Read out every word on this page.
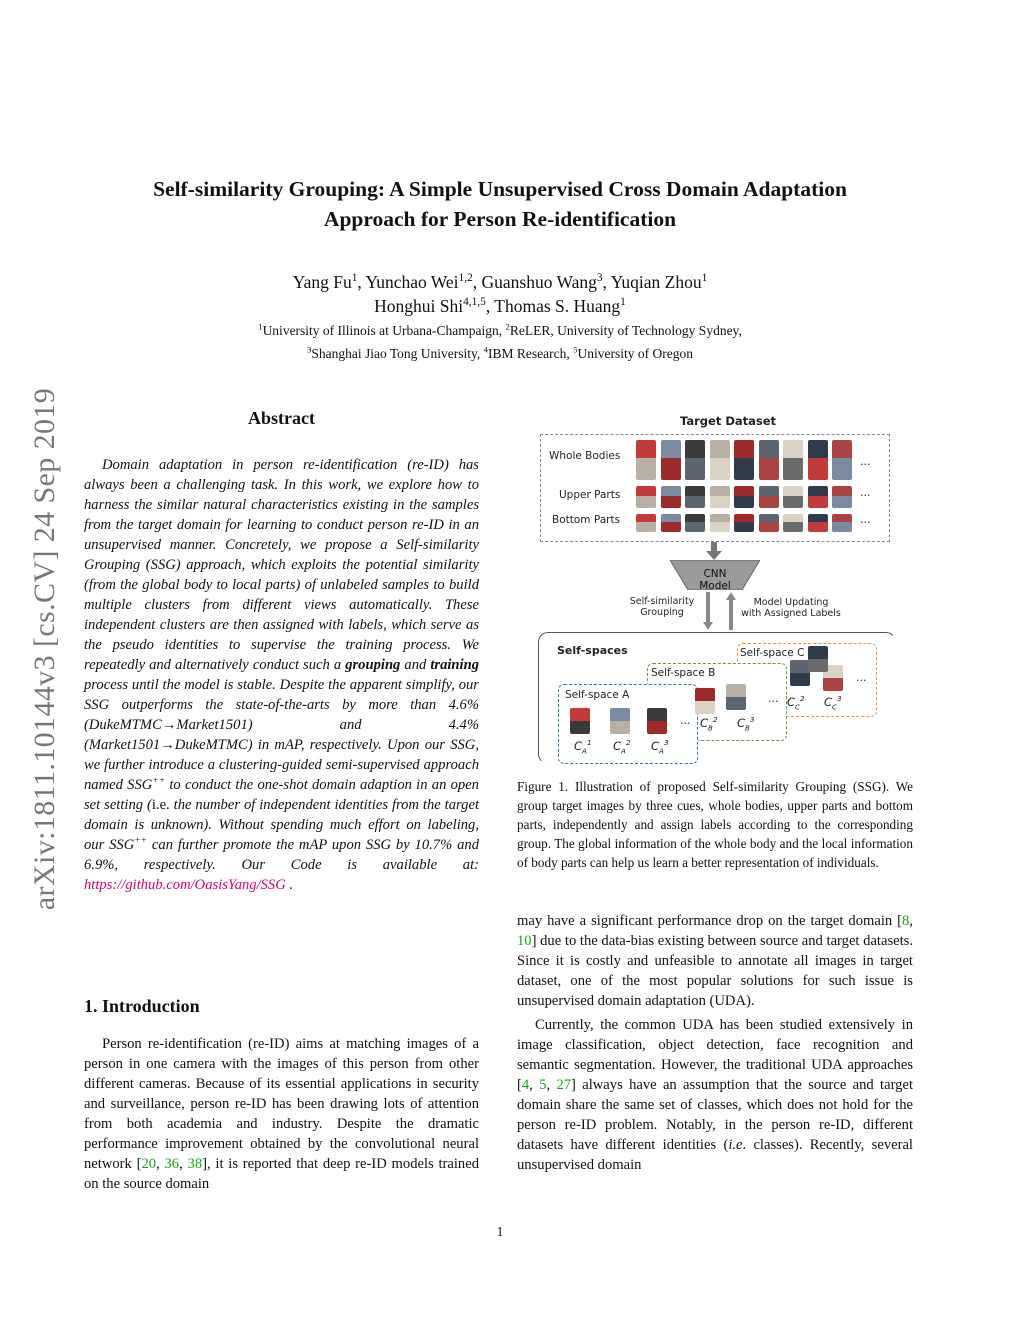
arXiv:1811.10144v3 [cs.CV] 24 Sep 2019
Self-similarity Grouping: A Simple Unsupervised Cross Domain Adaptation
Approach for Person Re-identification
Yang Fu$^1$, Yunchao Wei$^{1,2}$, Guanshuo Wang$^3$, Yuqian Zhou$^1$
Honghui Shi$^{4,1,5}$, Thomas S. Huang$^1$
$^1$University of Illinois at Urbana-Champaign, $^2$ReLER, University of Technology Sydney,
$^3$Shanghai Jiao Tong University, $^4$IBM Research, $^5$University of Oregon
Abstract

Domain adaptation in person re-identification (re-ID) has always been a challenging task. In this work, we explore how to harness the similar natural characteristics existing in the samples from the target domain for learning to conduct person re-ID in an unsupervised manner. Concretely, we propose a Self-similarity Grouping (SSG) approach, which exploits the potential similarity (from the global body to local parts) of unlabeled samples to build multiple clusters from different views automatically. These independent clusters are then assigned with labels, which serve as the pseudo identities to supervise the training process. We repeatedly and alternatively conduct such a grouping and training process until the model is stable. Despite the apparent simplify, our SSG outperforms the state-of-the-arts by more than 4.6% (DukeMTMC→Market1501) and 4.4% (Market1501→DukeMTMC) in mAP, respectively. Upon our SSG, we further introduce a clustering-guided semi-supervised approach named SSG++ to conduct the one-shot domain adaption in an open set setting (i.e. the number of independent identities from the target domain is unknown). Without spending much effort on labeling, our SSG++ can further promote the mAP upon SSG by 10.7% and 6.9%, respectively. Our Code is available at: https://github.com/OasisYang/SSG .

1. Introduction

Person re-identification (re-ID) aims at matching images of a person in one camera with the images of this person from other different cameras. Because of its essential applications in security and surveillance, person re-ID has been drawing lots of attention from both academia and industry. Despite the dramatic performance improvement obtained by the convolutional neural network [20, 36, 38], it is reported that deep re-ID models trained on the source domain

may have a significant performance drop on the target domain [8, 10] due to the data-bias existing between source and target datasets. Since it is costly and unfeasible to annotate all images in target dataset, one of the most popular solutions for such issue is unsupervised domain adaptation (UDA).

Currently, the common UDA has been studied extensively in image classification, object detection, face recognition and semantic segmentation. However, the traditional UDA approaches [4, 5, 27] always have an assumption that the source and target domain share the same set of classes, which does not hold for the person re-ID problem. Notably, in the person re-ID, different datasets have different identities (i.e. classes). Recently, several unsupervised domain

Target Dataset
Whole Bodies
Upper Parts
Bottom Parts
…
…
…
CNN Model
Self-similarity
Grouping
Model Updating
with Assigned Labels
Self-spaces	Self-space C
Self-space B
Self-space A
$C_A^1$ $C_A^2$ $C_A^3$
… $C_B^2$ $C_B^3$
… $C_C^2$ $C_C^3$
…
Figure 1. Illustration of proposed Self-similarity Grouping (SSG). We group target images by three cues, whole bodies, upper parts and bottom parts, independently and assign labels according to the corresponding group. The global information of the whole body and the local information of body parts can help us learn a better representation of individuals.
1
